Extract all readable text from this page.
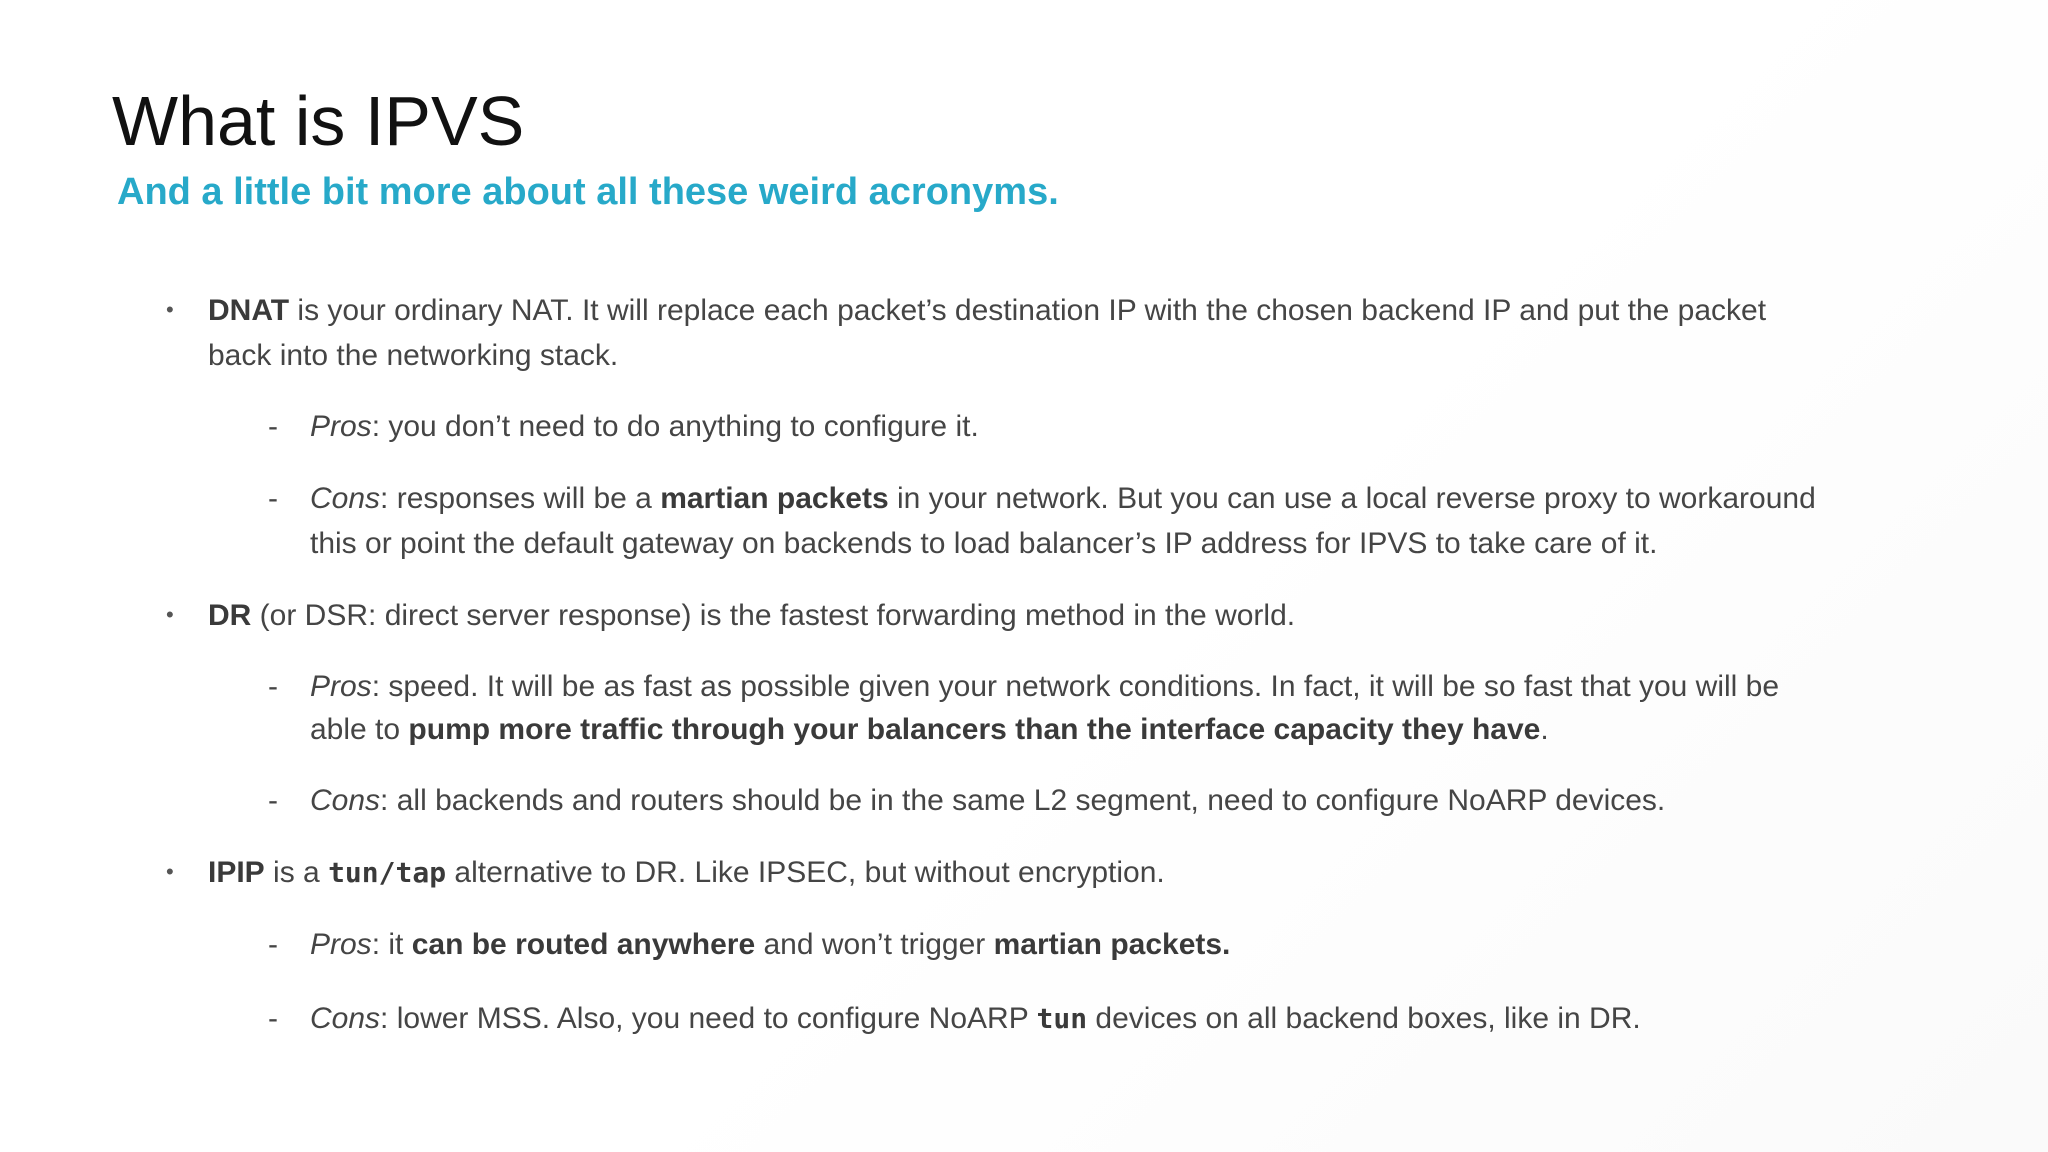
What is IPVS
And a little bit more about all these weird acronyms.
• DNAT is your ordinary NAT. It will replace each packet’s destination IP with the chosen backend IP and put the packet
back into the networking stack.
- Pros: you don’t need to do anything to configure it.
- Cons: responses will be a martian packets in your network. But you can use a local reverse proxy to workaround
this or point the default gateway on backends to load balancer’s IP address for IPVS to take care of it.
• DR (or DSR: direct server response) is the fastest forwarding method in the world.
- Pros: speed. It will be as fast as possible given your network conditions. In fact, it will be so fast that you will be
able to pump more traffic through your balancers than the interface capacity they have.
- Cons: all backends and routers should be in the same L2 segment, need to configure NoARP devices.
• IPIP is a tun/tap alternative to DR. Like IPSEC, but without encryption.
- Pros: it can be routed anywhere and won’t trigger martian packets.
- Cons: lower MSS. Also, you need to configure NoARP tun devices on all backend boxes, like in DR.
